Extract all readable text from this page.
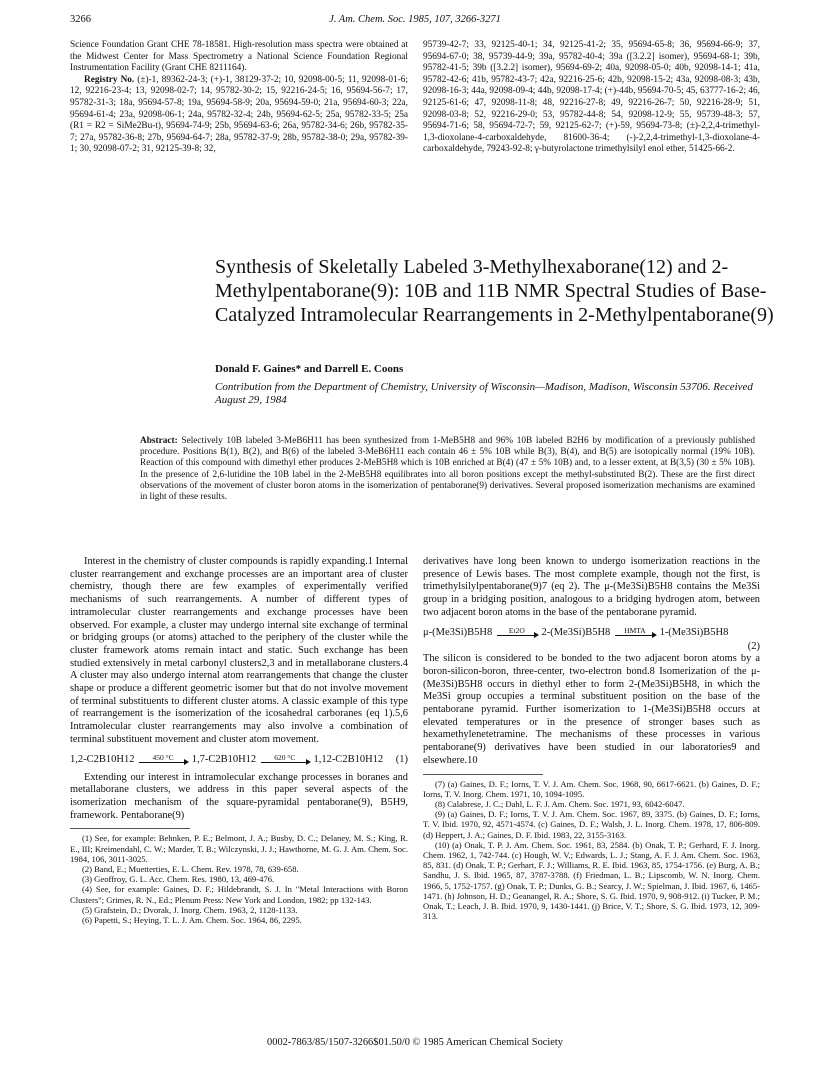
3266	J. Am. Chem. Soc. 1985, 107, 3266-3271

Science Foundation Grant CHE 78-18581. High-resolution mass spectra were obtained at the Midwest Center for Mass Spectrometry a National Science Foundation Regional Instrumentation Facility (Grant CHE 8211164).

Registry No. (±)-1, 89362-24-3; (+)-1, 38129-37-2; 10, 92098-00-5; 11, 92098-01-6; 12, 92216-23-4; 13, 92098-02-7; 14, 95782-30-2; 15, 92216-24-5; 16, 95694-56-7; 17, 95782-31-3; 18a, 95694-57-8; 19a, 95694-58-9; 20a, 95694-59-0; 21a, 95694-60-3; 22a, 95694-61-4; 23a, 92098-06-1; 24a, 95782-32-4; 24b, 95694-62-5; 25a, 95782-33-5; 25a (R1 = R2 = SiMe2Bu-t), 95694-74-9; 25b, 95694-63-6; 26a, 95782-34-6; 26b, 95782-35-7; 27a, 95782-36-8; 27b, 95694-64-7; 28a, 95782-37-9; 28b, 95782-38-0; 29a, 95782-39-1; 30, 92098-07-2; 31, 92125-39-8; 32,

95739-42-7; 33, 92125-40-1; 34, 92125-41-2; 35, 95694-65-8; 36, 95694-66-9; 37, 95694-67-0; 38, 95739-44-9; 39a, 95782-40-4; 39a ([3.2.2] isomer), 95694-68-1; 39b, 95782-41-5; 39b ([3.2.2] isomer), 95694-69-2; 40a, 92098-05-0; 40b, 92098-14-1; 41a, 95782-42-6; 41b, 95782-43-7; 42a, 92216-25-6; 42b, 92098-15-2; 43a, 92098-08-3; 43b, 92098-16-3; 44a, 92098-09-4; 44b, 92098-17-4; (+)-44b, 95694-70-5; 45, 63777-16-2; 46, 92125-61-6; 47, 92098-11-8; 48, 92216-27-8; 49, 92216-26-7; 50, 92216-28-9; 51, 92098-03-8; 52, 92216-29-0; 53, 95782-44-8; 54, 92098-12-9; 55, 95739-48-3; 57, 95694-71-6; 58, 95694-72-7; 59, 92125-62-7; (+)-59, 95694-73-8; (±)-2,2,4-trimethyl-1,3-dioxolane-4-carboxaldehyde, 81600-36-4; (-)-2,2,4-trimethyl-1,3-dioxolane-4-carboxaldehyde, 79243-92-8; γ-butyrolactone trimethylsilyl enol ether, 51425-66-2.

Synthesis of Skeletally Labeled 3-Methylhexaborane(12) and 2-Methylpentaborane(9): 10B and 11B NMR Spectral Studies of Base-Catalyzed Intramolecular Rearrangements in 2-Methylpentaborane(9)
Donald F. Gaines* and Darrell E. Coons
Contribution from the Department of Chemistry, University of Wisconsin—Madison, Madison, Wisconsin 53706. Received August 29, 1984
Abstract: Selectively 10B labeled 3-MeB6H11 has been synthesized from 1-MeB5H8 and 96% 10B labeled B2H6 by modification of a previously published procedure. Positions B(1), B(2), and B(6) of the labeled 3-MeB6H11 each contain 46 ± 5% 10B while B(3), B(4), and B(5) are isotopically normal (19% 10B). Reaction of this compound with dimethyl ether produces 2-MeB5H8 which is 10B enriched at B(4) (47 ± 5% 10B) and, to a lesser extent, at B(3,5) (30 ± 5% 10B). In the presence of 2,6-lutidine the 10B label in the 2-MeB5H8 equilibrates into all boron positions except the methyl-substituted B(2). These are the first direct observations of the movement of cluster boron atoms in the isomerization of pentaborane(9) derivatives. Several proposed isomerization mechanisms are examined in light of these results.

Interest in the chemistry of cluster compounds is rapidly expanding.1 Internal cluster rearrangement and exchange processes are an important area of cluster chemistry, though there are few examples of experimentally verified mechanisms of such rearrangements. A number of different types of intramolecular cluster rearrangements and exchange processes have been observed. For example, a cluster may undergo internal site exchange of terminal or bridging groups (or atoms) attached to the periphery of the cluster while the cluster framework atoms remain intact and static. Such exchange has been studied extensively in metal carbonyl clusters2,3 and in metallaborane clusters.4 A cluster may also undergo internal atom rearrangements that change the cluster shape or produce a different geometric isomer but that do not involve movement of terminal substituents to different cluster atoms. A classic example of this type of rearrangement is the isomerization of the icosahedral carboranes (eq 1).5,6 Intramolecular cluster rearrangements may also involve a combination of terminal substituent movement and cluster atom movement.

1,2-C2B10H12	450 °C	1,7-C2B10H12	620 °C	1,12-C2B10H12 (1)

Extending our interest in intramolecular exchange processes in boranes and metallaborane clusters, we address in this paper several aspects of the isomerization mechanism of the square-pyramidal pentaborane(9), B5H9, framework. Pentaborane(9)

(1) See, for example: Behnken, P. E.; Belmont, J. A.; Busby, D. C.; Delaney, M. S.; King, R. E., III; Kreimendahl, C. W.; Marder, T. B.; Wilczynski, J. J.; Hawthorne, M. G. J. Am. Chem. Soc. 1984, 106, 3011-3025.

(2) Band, E.; Muetterties, E. L. Chem. Rev. 1978, 78, 639-658.

(3) Geoffroy, G. L. Acc. Chem. Res. 1980, 13, 469-476.

(4) See, for example: Gaines, D. F.; Hildebrandt, S. J. In "Metal Interactions with Boron Clusters"; Grimes, R. N., Ed.; Plenum Press: New York and London, 1982; pp 132-143.

(5) Grafstein, D.; Dvorak, J. Inorg. Chem. 1963, 2, 1128-1133.

(6) Papetti, S.; Heying, T. L. J. Am. Chem. Soc. 1964, 86, 2295.

derivatives have long been known to undergo isomerization reactions in the presence of Lewis bases. The most complete example, though not the first, is trimethylsilylpentaborane(9)7 (eq 2). The μ-(Me3Si)B5H8 contains the Me3Si group in a bridging position, analogous to a bridging hydrogen atom, between two adjacent boron atoms in the base of the pentaborane pyramid.

μ-(Me3Si)B5H8	Et2O	2-(Me3Si)B5H8	HMTA	1-(Me3Si)B5H8
(2)

The silicon is considered to be bonded to the two adjacent boron atoms by a boron-silicon-boron, three-center, two-electron bond.8 Isomerization of the μ-(Me3Si)B5H8 occurs in diethyl ether to form 2-(Me3Si)B5H8, in which the Me3Si group occupies a terminal substituent position on the base of the pentaborane pyramid. Further isomerization to 1-(Me3Si)B5H8 occurs at elevated temperatures or in the presence of stronger bases such as hexamethylenetetramine. The mechanisms of these processes in various pentaborane(9) derivatives have been studied in our laboratories9 and elsewhere.10

(7) (a) Gaines, D. F.; Iorns, T. V. J. Am. Chem. Soc. 1968, 90, 6617-6621. (b) Gaines, D. F.; Iorns, T. V. Inorg. Chem. 1971, 10, 1094-1095.

(8) Calabrese, J. C.; Dahl, L. F. J. Am. Chem. Soc. 1971, 93, 6042-6047.

(9) (a) Gaines, D. F.; Iorns, T. V. J. Am. Chem. Soc. 1967, 89, 3375. (b) Gaines, D. F.; Iorns, T. V. Ibid. 1970, 92, 4571-4574. (c) Gaines, D. F.; Walsh, J. L. Inorg. Chem. 1978, 17, 806-809. (d) Heppert, J. A.; Gaines, D. F. Ibid. 1983, 22, 3155-3163.

(10) (a) Onak, T. P. J. Am. Chem. Soc. 1961, 83, 2584. (b) Onak, T. P.; Gerhard, F. J. Inorg. Chem. 1962, 1, 742-744. (c) Hough, W. V.; Edwards, L. J.; Stang, A. F. J. Am. Chem. Soc. 1963, 85, 831. (d) Onak, T. P.; Gerhart, F. J.; Williams, R. E. Ibid. 1963, 85, 1754-1756. (e) Burg, A. B.; Sandhu, J. S. Ibid. 1965, 87, 3787-3788. (f) Friedman, L. B.; Lipscomb, W. N. Inorg. Chem. 1966, 5, 1752-1757. (g) Onak, T. P.; Dunks, G. B.; Searcy, J. W.; Spielman, J. Ibid. 1967, 6, 1465-1471. (h) Johnson, H. D.; Geanangel, R. A.; Shore, S. G. Ibid. 1970, 9, 908-912. (i) Tucker, P. M.; Onak, T.; Leach, J. B. Ibid. 1970, 9, 1430-1441. (j) Brice, V. T.; Shore, S. G. Ibid. 1973, 12, 309-313.

0002-7863/85/1507-3266$01.50/0 © 1985 American Chemical Society
